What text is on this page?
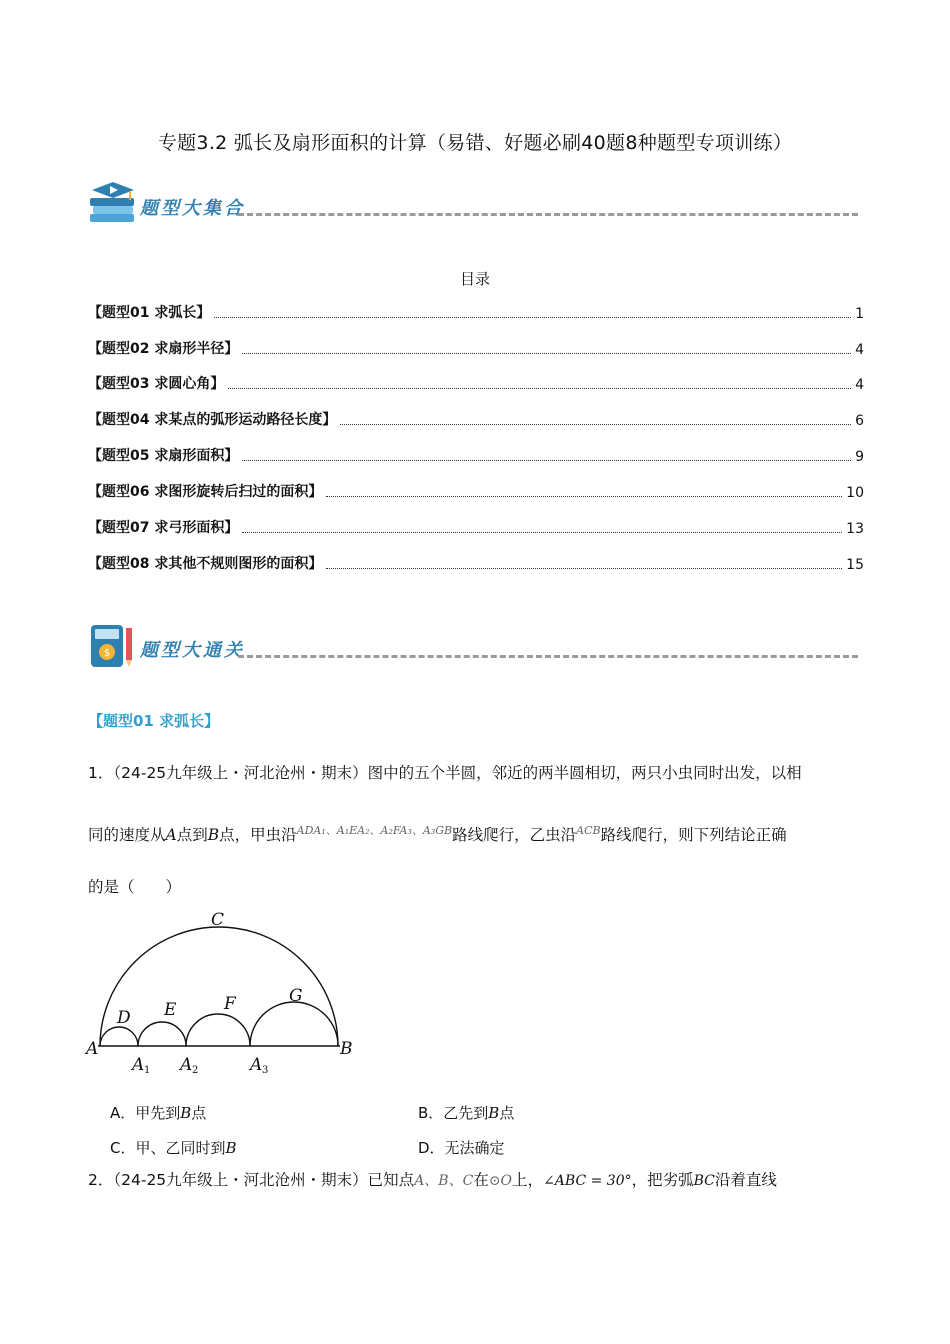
专题3.2 弧长及扇形面积的计算（易错、好题必刷40题8种题型专项训练）
题型大集合
目录
【题型01 求弧长】	1
【题型02 求扇形半径】	4
【题型03 求圆心角】	4
【题型04 求某点的弧形运动路径长度】	6
【题型05 求扇形面积】	9
【题型06 求图形旋转后扫过的面积】	10
【题型07 求弓形面积】	13
【题型08 求其他不规则图形的面积】	15
$ 题型大通关
【题型01 求弧长】
1．（24-25九年级上・河北沧州・期末）图中的五个半圆，邻近的两半圆相切，两只小虫同时出发，以相
同的速度从A点到B点，甲虫沿$^{ADA_1、A_1EA_2、A_2FA_3、A_3GB}$路线爬行，乙虫沿$^{ACB}$路线爬行，则下列结论正确
的是（　　）
C
D E	F	G
A
A A	A
B
1	2	3
A．甲先到B点	B．乙先到B点
C．甲、乙同时到B	D．无法确定
2．（24-25九年级上・河北沧州・期末）已知点A、B、C在⊙O上，∠ABC = 30°，把劣弧BC沿着直线
